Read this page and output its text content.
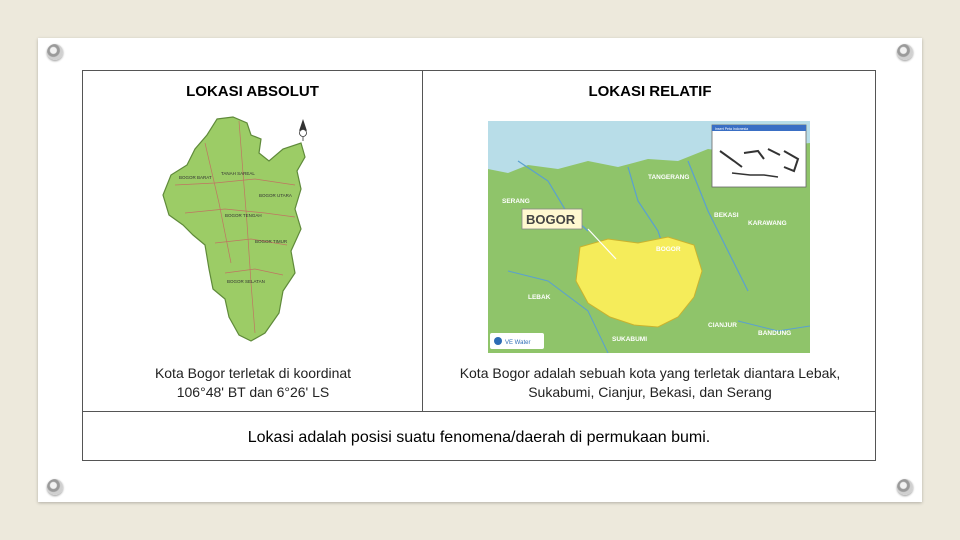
LOKASI ABSOLUT	LOKASI RELATIF
BOGOR BARAT
TANAH SAREAL
BOGOR UTARA
BOGOR TENGAH
BOGOR TIMUR
BOGOR SELATAN
BOGOR
TANGERANG
SERANG
BEKASI
KARAWANG
BOGOR
LEBAK
CIANJUR
SUKABUMI
BANDUNG
Insert Peta Indonesia
VE Water
Kota Bogor terletak di koordinat
106°48' BT dan 6°26' LS
Kota Bogor adalah sebuah kota yang terletak diantara Lebak,
Sukabumi, Cianjur, Bekasi, dan Serang
Lokasi adalah posisi suatu fenomena/daerah di permukaan bumi.
